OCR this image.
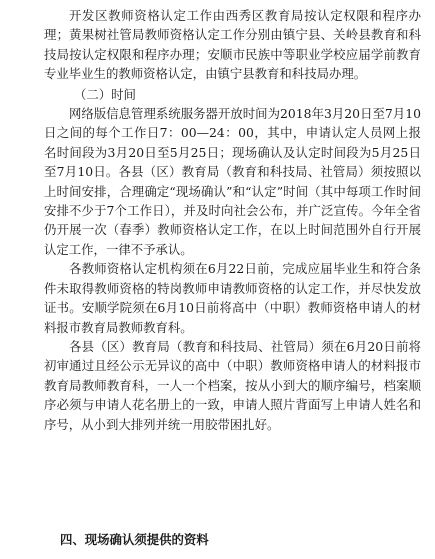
开发区教师资格认定工作由西秀区教育局按认定权限和程序办理；黄果树社管局教师资格认定工作分别由镇宁县、关岭县教育和科技局按认定权限和程序办理；安顺市民族中等职业学校应届学前教育专业毕业生的教师资格认定，由镇宁县教育和科技局办理。

（二）时间

网络版信息管理系统服务器开放时间为2018年3月20日至7月10日之间的每个工作日7：00—24：00，其中，申请认定人员网上报名时间段为3月20日至5月25日；现场确认及认定时间段为5月25日至7月10日。各县（区）教育局（教育和科技局、社管局）须按照以上时间安排，合理确定“现场确认”和“认定”时间（其中每项工作时间安排不少于7个工作日），并及时向社会公布，并广泛宣传。今年全省仍开展一次（春季）教师资格认定工作，在以上时间范围外自行开展认定工作，一律不予承认。

各教师资格认定机构须在6月22日前，完成应届毕业生和符合条件未取得教师资格的特岗教师申请教师资格的认定工作，并尽快发放证书。安顺学院须在6月10日前将高中（中职）教师资格申请人的材料报市教育局教师教育科。

各县（区）教育局（教育和科技局、社管局）须在6月20日前将初审通过且经公示无异议的高中（中职）教师资格申请人的材料报市教育局教师教育科，一人一个档案，按从小到大的顺序编号，档案顺序必须与申请人花名册上的一致，申请人照片背面写上申请人姓名和序号，从小到大排列并统一用胶带困扎好。

四、现场确认须提供的资料
